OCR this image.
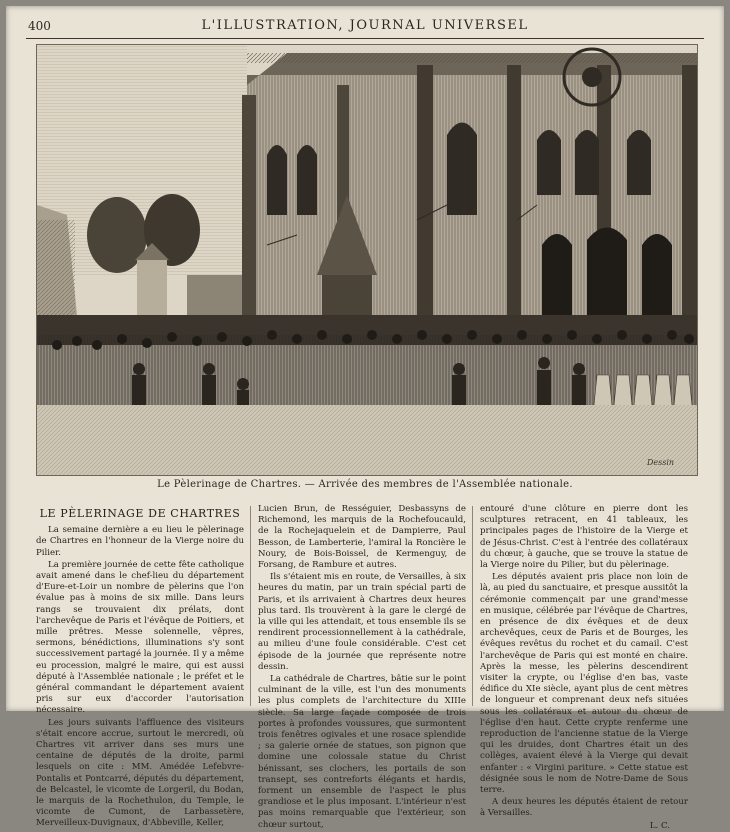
400	L'ILLUSTRATION, JOURNAL UNIVERSEL
Dessin
Le Pèlerinage de Chartres. — Arrivée des membres de l'Assemblée nationale.
LE PÈLERINAGE DE CHARTRES

La semaine dernière a eu lieu le pèlerinage de Chartres en l'honneur de la Vierge noire du Pilier.

La première journée de cette fête catholique avait amené dans le chef-lieu du département d'Eure-et-Loir un nombre de pèlerins que l'on évalue pas à moins de six mille. Dans leurs rangs se trouvaient dix prélats, dont l'archevêque de Paris et l'évêque de Poitiers, et mille prêtres. Messe solennelle, vêpres, sermons, bénédictions, illuminations s'y sont successivement partagé la journée. Il y a même eu procession, malgré le maire, qui est aussi député à l'Assemblée nationale ; le préfet et le général commandant le département avaient pris sur eux d'accorder l'autorisation nécessaire.

Les jours suivants l'affluence des visiteurs s'était encore accrue, surtout le mercredi, où Chartres vit arriver dans ses murs une centaine de députés de la droite, parmi lesquels on cite : MM. Amédée Lefebvre-Pontalis et Pontcarré, députés du département, de Belcastel, le vicomte de Lorgeril, du Bodan, le marquis de la Rochethulon, du Temple, le vicomte de Cumont, de Larbassetère, Merveilleux-Duvignaux, d'Abbeville, Keller,

Lucien Brun, de Rességuier, Desbassyns de Richemond, les marquis de la Rochefoucauld, de la Rochejaquelein et de Dampierre, Paul Besson, de Lamberterie, l'amiral la Roncière le Noury, de Bois-Boissel, de Kermenguy, de Forsang, de Rambure et autres.

Ils s'étaient mis en route, de Versailles, à six heures du matin, par un train spécial parti de Paris, et ils arrivaient à Chartres deux heures plus tard. Ils trouvèrent à la gare le clergé de la ville qui les attendait, et tous ensemble ils se rendirent processionnellement à la cathédrale, au milieu d'une foule considérable. C'est cet épisode de la journée que représente notre dessin.

La cathédrale de Chartres, bâtie sur le point culminant de la ville, est l'un des monuments les plus complets de l'architecture du XIIIe siècle. Sa large façade composée de trois portes à profondes voussures, que surmontent trois fenêtres ogivales et une rosace splendide ; sa galerie ornée de statues, son pignon que domine une colossale statue du Christ bénissant, ses clochers, les portails de son transept, ses contreforts élégants et hardis, forment un ensemble de l'aspect le plus grandiose et le plus imposant. L'intérieur n'est pas moins remarquable que l'extérieur, son chœur surtout,

entouré d'une clôture en pierre dont les sculptures retracent, en 41 tableaux, les principales pages de l'histoire de la Vierge et de Jésus-Christ. C'est à l'entrée des collatéraux du chœur, à gauche, que se trouve la statue de la Vierge noire du Pilier, but du pèlerinage.

Les députés avaient pris place non loin de là, au pied du sanctuaire, et presque aussitôt la cérémonie commençait par une grand'messe en musique, célébrée par l'évêque de Chartres, en présence de dix évêques et de deux archevêques, ceux de Paris et de Bourges, les évêques revêtus du rochet et du camail. C'est l'archevêque de Paris qui est monté en chaire. Après la messe, les pèlerins descendirent visiter la crypte, ou l'église d'en bas, vaste édifice du XIe siècle, ayant plus de cent mètres de longueur et comprenant deux nefs situées sous les collatéraux et autour du chœur de l'église d'en haut. Cette crypte renferme une reproduction de l'ancienne statue de la Vierge qui les druides, dont Chartres était un des collèges, avaient élevé à la Vierge qui devait enfanter : « Virgini pariture. » Cette statue est désignée sous le nom de Notre-Dame de Sous terre.

A deux heures les députés étaient de retour à Versailles.

L. C.
